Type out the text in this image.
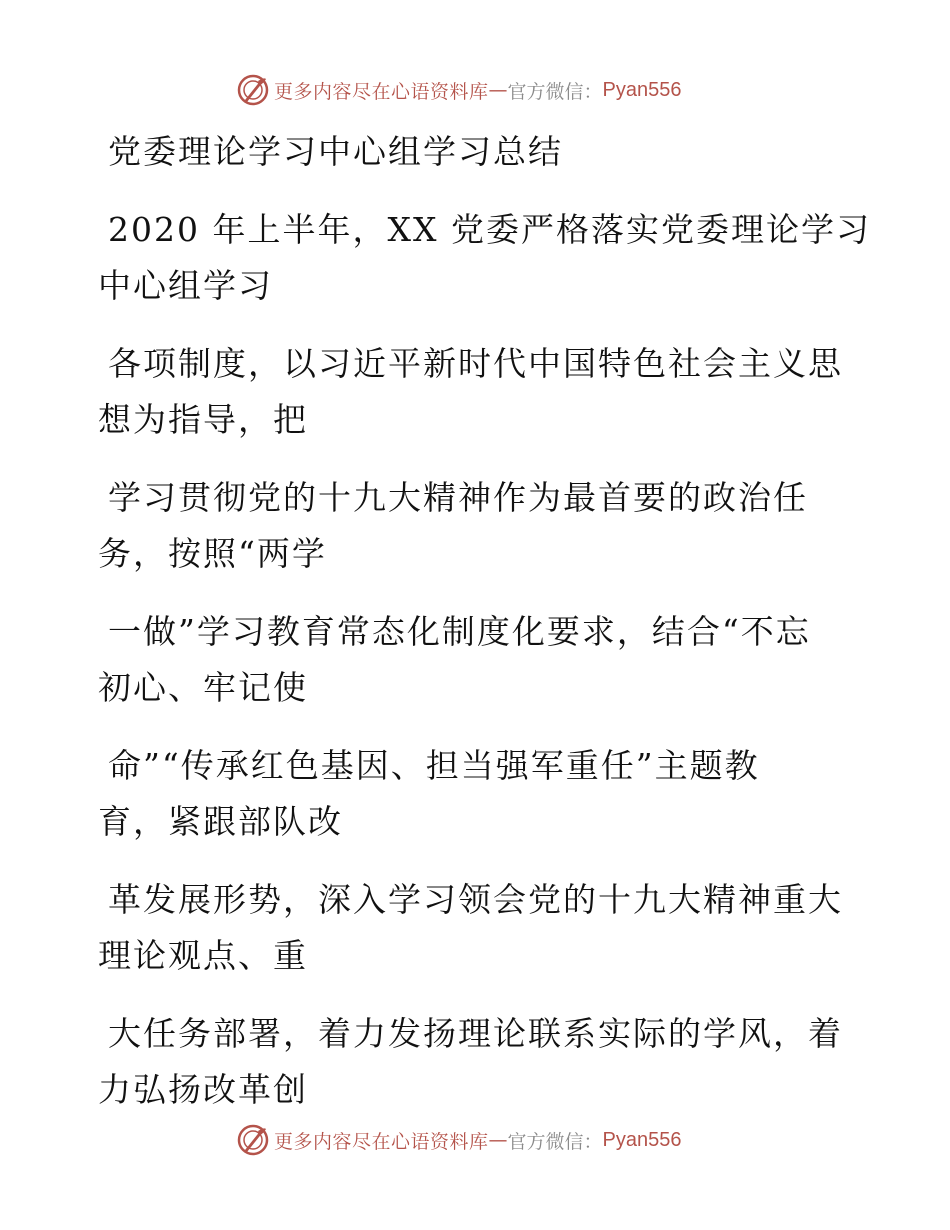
更多内容尽在心语资料库 — 官方微信： Pyan556
党委理论学习中心组学习总结
2020 年上半年，XX 党委严格落实党委理论学习
中心组学习
各项制度，以习近平新时代中国特色社会主义思
想为指导，把
学习贯彻党的十九大精神作为最首要的政治任
务，按照“两学
一做”学习教育常态化制度化要求，结合“不忘
初心、牢记使
命”“传承红色基因、担当强军重任”主题教
育，紧跟部队改
革发展形势，深入学习领会党的十九大精神重大
理论观点、重
大任务部署，着力发扬理论联系实际的学风，着
力弘扬改革创
更多内容尽在心语资料库 — 官方微信： Pyan556
